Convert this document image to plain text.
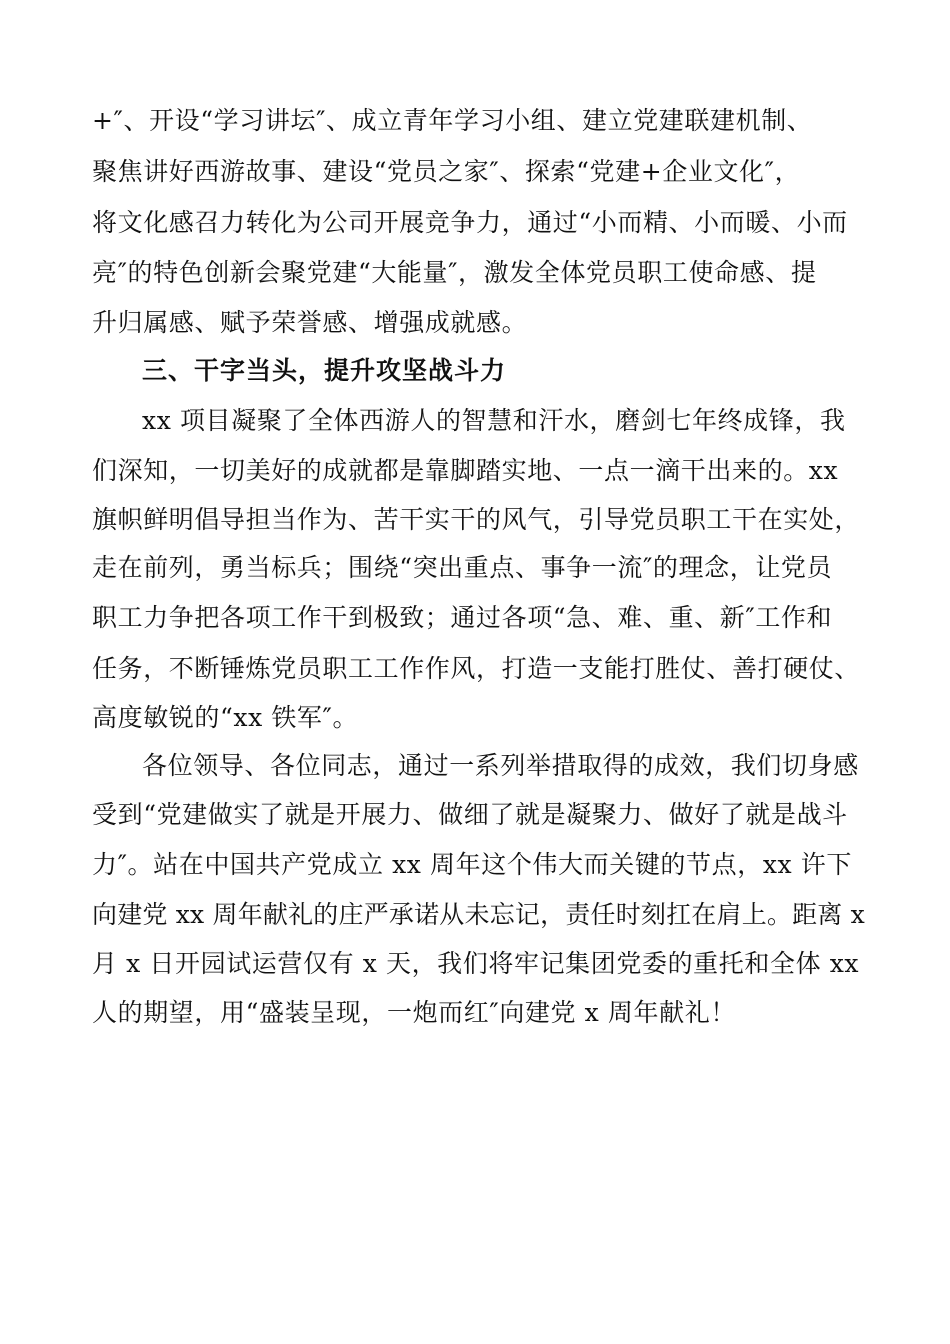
+″、开设“学习讲坛″、成立青年学习小组、建立党建联建机制、
聚焦讲好西游故事、建设“党员之家″、探索“党建+企业文化″，
将文化感召力转化为公司开展竞争力，通过“小而精、小而暖、小而
亮″的特色创新会聚党建“大能量″，激发全体党员职工使命感、提
升归属感、赋予荣誉感、增强成就感。
三、干字当头，提升攻坚战斗力
xx 项目凝聚了全体西游人的智慧和汗水，磨剑七年终成锋，我
们深知，一切美好的成就都是靠脚踏实地、一点一滴干出来的。xx
旗帜鲜明倡导担当作为、苦干实干的风气，引导党员职工干在实处，
走在前列，勇当标兵；围绕“突出重点、事争一流″的理念，让党员
职工力争把各项工作干到极致；通过各项“急、难、重、新″工作和
任务，不断锤炼党员职工工作作风，打造一支能打胜仗、善打硬仗、
高度敏锐的“xx 铁军″。
各位领导、各位同志，通过一系列举措取得的成效，我们切身感
受到“党建做实了就是开展力、做细了就是凝聚力、做好了就是战斗
力″。站在中国共产党成立 xx 周年这个伟大而关键的节点，xx 许下
向建党 xx 周年献礼的庄严承诺从未忘记，责任时刻扛在肩上。距离 x
月 x 日开园试运营仅有 x 天，我们将牢记集团党委的重托和全体 xx
人的期望，用“盛装呈现，一炮而红″向建党 x 周年献礼！
